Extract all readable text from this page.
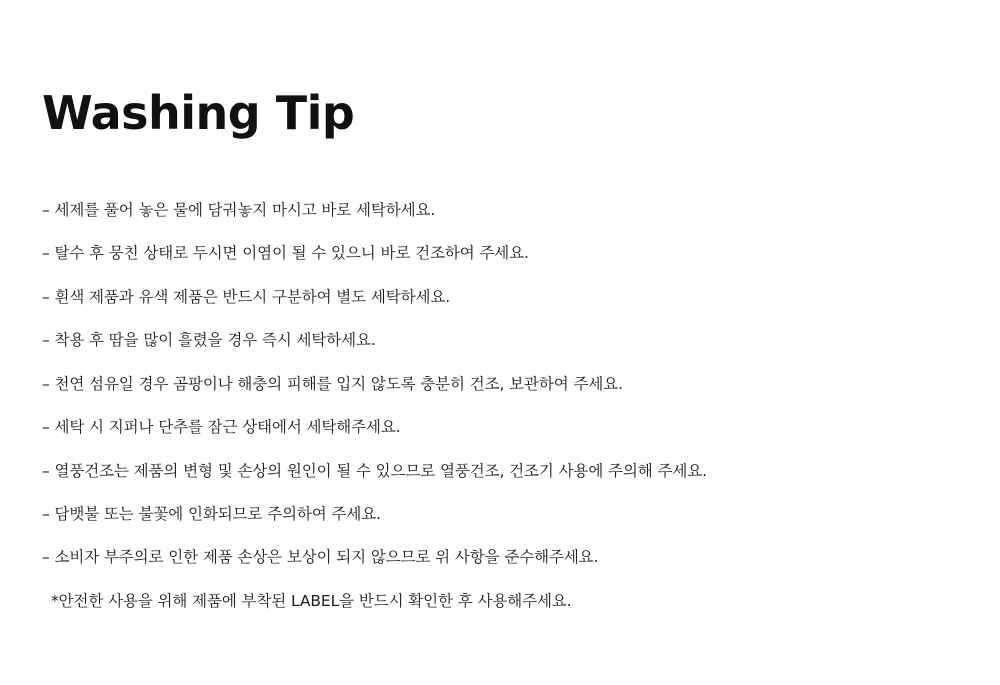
Washing Tip
– 세제를 풀어 놓은 물에 담궈놓지 마시고 바로 세탁하세요.
– 탈수 후 뭉친 상태로 두시면 이염이 될 수 있으니 바로 건조하여 주세요.
– 흰색 제품과 유색 제품은 반드시 구분하여 별도 세탁하세요.
– 착용 후 땀을 많이 흘렸을 경우 즉시 세탁하세요.
– 천연 섬유일 경우 곰팡이나 해충의 피해를 입지 않도록 충분히 건조, 보관하여 주세요.
– 세탁 시 지퍼나 단추를 잠근 상태에서 세탁해주세요.
– 열풍건조는 제품의 변형 및 손상의 원인이 될 수 있으므로 열풍건조, 건조기 사용에 주의해 주세요.
– 담뱃불 또는 불꽃에 인화되므로 주의하여 주세요.
– 소비자 부주의로 인한 제품 손상은 보상이 되지 않으므로 위 사항을 준수해주세요.
*안전한 사용을 위해 제품에 부착된 LABEL을 반드시 확인한 후 사용해주세요.
